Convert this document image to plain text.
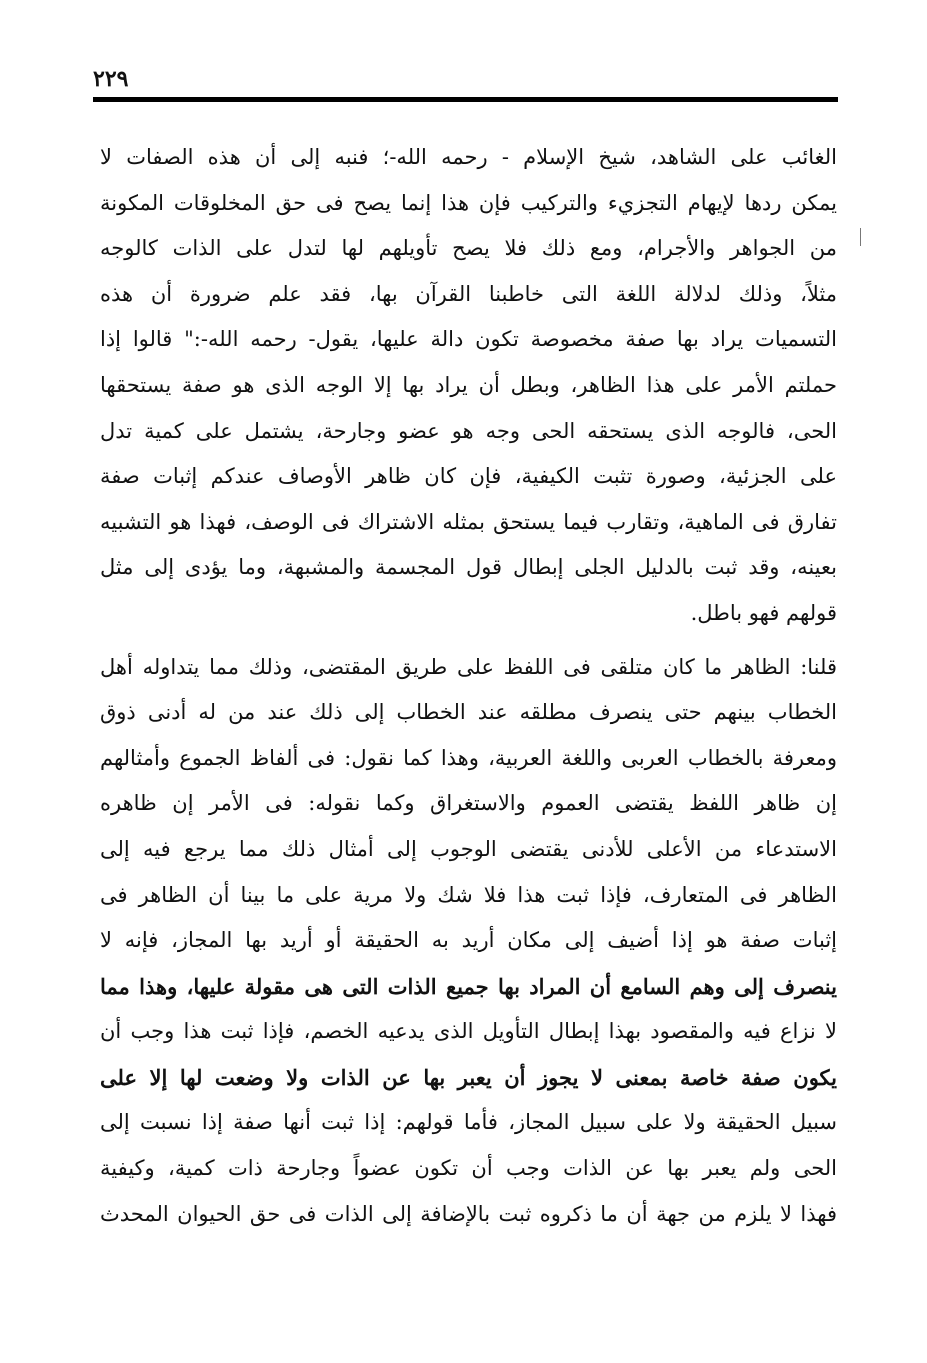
٢٢٩
الغائب على الشاهد، شيخ الإسلام - رحمه الله-؛ فنبه إلى أن هذه الصفات لا
يمكن ردها لإيهام التجزيء والتركيب فإن هذا إنما يصح فى حق المخلوقات المكونة
من الجواهر والأجرام، ومع ذلك فلا يصح تأويلهم لها لتدل على الذات كالوجه
مثلاً، وذلك لدلالة اللغة التى خاطبنا القرآن بها، فقد علم ضرورة أن هذه
التسميات يراد بها صفة مخصوصة تكون دالة عليها، يقول- رحمه الله-:" قالوا إذا
حملتم الأمر على هذا الظاهر، وبطل أن يراد بها إلا الوجه الذى هو صفة يستحقها
الحى، فالوجه الذى يستحقه الحى وجه هو عضو وجارحة، يشتمل على كمية تدل
على الجزئية، وصورة تثبت الكيفية، فإن كان ظاهر الأوصاف عندكم إثبات صفة
تفارق فى الماهية، وتقارب فيما يستحق بمثله الاشتراك فى الوصف، فهذا هو التشبيه
بعينه، وقد ثبت بالدليل الجلى إبطال قول المجسمة والمشبهة، وما يؤدى إلى مثل
قولهم فهو باطل.
قلنا: الظاهر ما كان متلقى فى اللفظ على طريق المقتضى، وذلك مما يتداوله أهل
الخطاب بينهم حتى ينصرف مطلقه عند الخطاب إلى ذلك عند من له أدنى ذوق
ومعرفة بالخطاب العربى واللغة العربية، وهذا كما نقول: فى ألفاظ الجموع وأمثالهم
إن ظاهر اللفظ يقتضى العموم والاستغراق وكما نقوله: فى الأمر إن ظاهره
الاستدعاء من الأعلى للأدنى يقتضى الوجوب إلى أمثال ذلك مما يرجع فيه إلى
الظاهر فى المتعارف، فإذا ثبت هذا فلا شك ولا مرية على ما بينا أن الظاهر فى
إثبات صفة هو إذا أضيف إلى مكان أريد به الحقيقة أو أريد بها المجاز، فإنه لا
ينصرف إلى وهم السامع أن المراد بها جميع الذات التى هى مقولة عليها، وهذا مما
لا نزاع فيه والمقصود بهذا إبطال التأويل الذى يدعيه الخصم، فإذا ثبت هذا وجب أن
يكون صفة خاصة بمعنى لا يجوز أن يعبر بها عن الذات ولا وضعت لها إلا على
سبيل الحقيقة ولا على سبيل المجاز، فأما قولهم: إذا ثبت أنها صفة إذا نسبت إلى
الحى ولم يعبر بها عن الذات وجب أن تكون عضواً وجارحة ذات كمية، وكيفية
فهذا لا يلزم من جهة أن ما ذكروه ثبت بالإضافة إلى الذات فى حق الحيوان المحدث
